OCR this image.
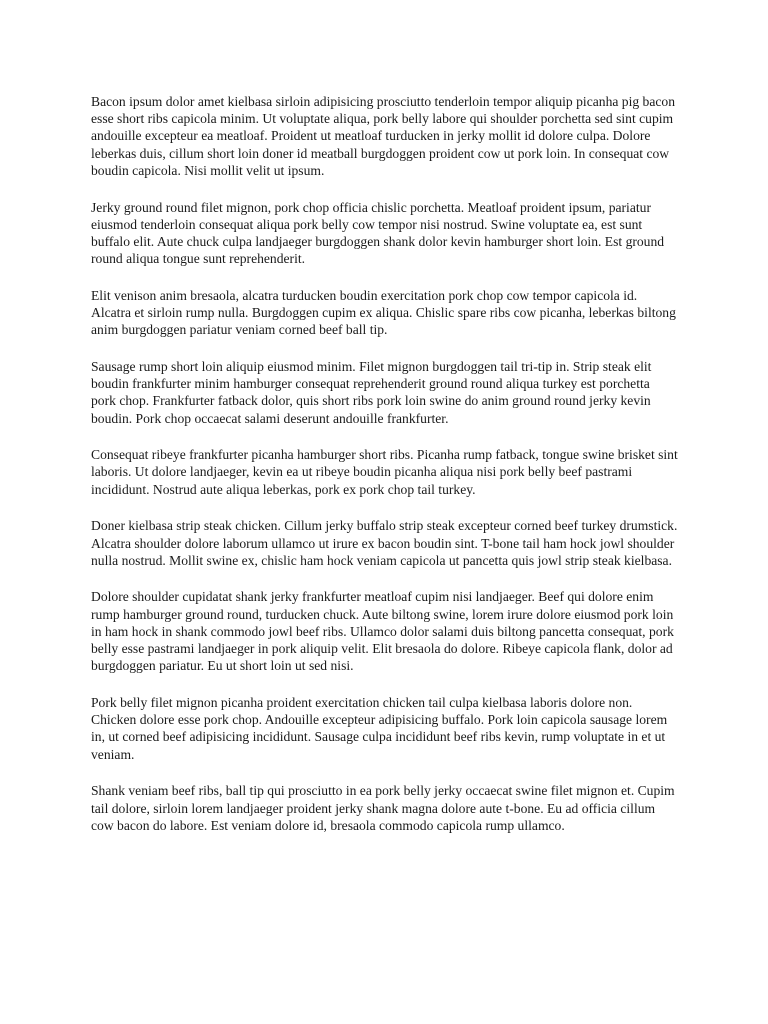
Bacon ipsum dolor amet kielbasa sirloin adipisicing prosciutto tenderloin tempor aliquip picanha pig bacon esse short ribs capicola minim. Ut voluptate aliqua, pork belly labore qui shoulder porchetta sed sint cupim andouille excepteur ea meatloaf. Proident ut meatloaf turducken in jerky mollit id dolore culpa. Dolore leberkas duis, cillum short loin doner id meatball burgdoggen proident cow ut pork loin. In consequat cow boudin capicola. Nisi mollit velit ut ipsum.

Jerky ground round filet mignon, pork chop officia chislic porchetta. Meatloaf proident ipsum, pariatur eiusmod tenderloin consequat aliqua pork belly cow tempor nisi nostrud. Swine voluptate ea, est sunt buffalo elit. Aute chuck culpa landjaeger burgdoggen shank dolor kevin hamburger short loin. Est ground round aliqua tongue sunt reprehenderit.

Elit venison anim bresaola, alcatra turducken boudin exercitation pork chop cow tempor capicola id. Alcatra et sirloin rump nulla. Burgdoggen cupim ex aliqua. Chislic spare ribs cow picanha, leberkas biltong anim burgdoggen pariatur veniam corned beef ball tip.

Sausage rump short loin aliquip eiusmod minim. Filet mignon burgdoggen tail tri-tip in. Strip steak elit boudin frankfurter minim hamburger consequat reprehenderit ground round aliqua turkey est porchetta pork chop. Frankfurter fatback dolor, quis short ribs pork loin swine do anim ground round jerky kevin boudin. Pork chop occaecat salami deserunt andouille frankfurter.

Consequat ribeye frankfurter picanha hamburger short ribs. Picanha rump fatback, tongue swine brisket sint laboris. Ut dolore landjaeger, kevin ea ut ribeye boudin picanha aliqua nisi pork belly beef pastrami incididunt. Nostrud aute aliqua leberkas, pork ex pork chop tail turkey.

Doner kielbasa strip steak chicken. Cillum jerky buffalo strip steak excepteur corned beef turkey drumstick. Alcatra shoulder dolore laborum ullamco ut irure ex bacon boudin sint. T-bone tail ham hock jowl shoulder nulla nostrud. Mollit swine ex, chislic ham hock veniam capicola ut pancetta quis jowl strip steak kielbasa.

Dolore shoulder cupidatat shank jerky frankfurter meatloaf cupim nisi landjaeger. Beef qui dolore enim rump hamburger ground round, turducken chuck. Aute biltong swine, lorem irure dolore eiusmod pork loin in ham hock in shank commodo jowl beef ribs. Ullamco dolor salami duis biltong pancetta consequat, pork belly esse pastrami landjaeger in pork aliquip velit. Elit bresaola do dolore. Ribeye capicola flank, dolor ad burgdoggen pariatur. Eu ut short loin ut sed nisi.

Pork belly filet mignon picanha proident exercitation chicken tail culpa kielbasa laboris dolore non. Chicken dolore esse pork chop. Andouille excepteur adipisicing buffalo. Pork loin capicola sausage lorem in, ut corned beef adipisicing incididunt. Sausage culpa incididunt beef ribs kevin, rump voluptate in et ut veniam.

Shank veniam beef ribs, ball tip qui prosciutto in ea pork belly jerky occaecat swine filet mignon et. Cupim tail dolore, sirloin lorem landjaeger proident jerky shank magna dolore aute t-bone. Eu ad officia cillum cow bacon do labore. Est veniam dolore id, bresaola commodo capicola rump ullamco.
